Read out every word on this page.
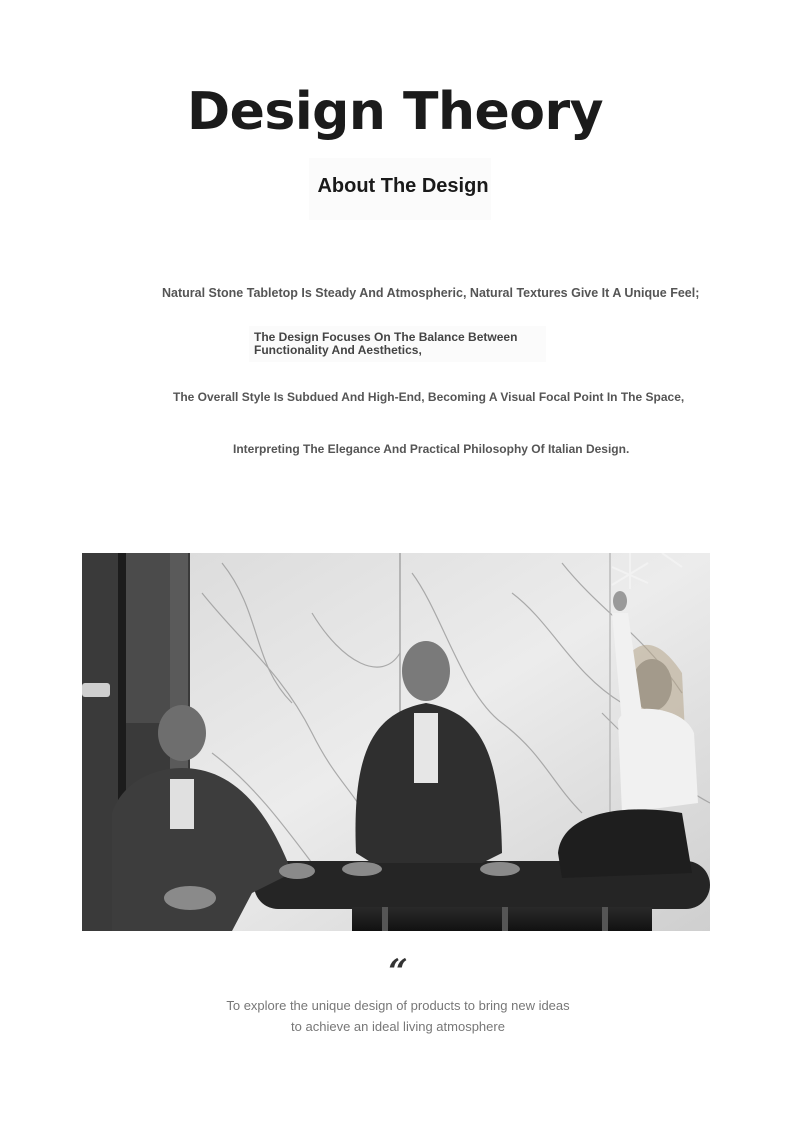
Design Theory
About The Design
Natural Stone Tabletop Is Steady And Atmospheric, Natural Textures Give It A Unique Feel;
The Design Focuses On The Balance Between Functionality And Aesthetics,
The Overall Style Is Subdued And High-End, Becoming A Visual Focal Point In The Space,
Interpreting The Elegance And Practical Philosophy Of Italian Design.
“
To explore the unique design of products to bring new ideas
to achieve an ideal living atmosphere
